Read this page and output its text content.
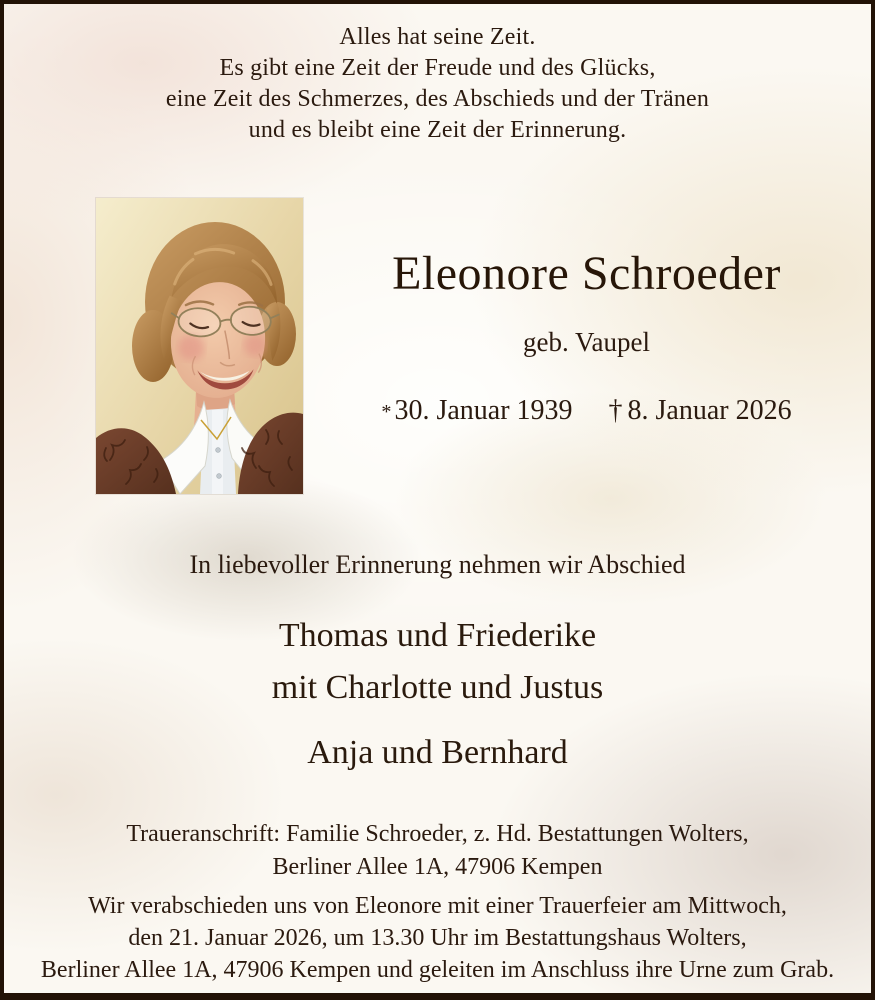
Alles hat seine Zeit.
Es gibt eine Zeit der Freude und des Glücks,
eine Zeit des Schmerzes, des Abschieds und der Tränen
und es bleibt eine Zeit der Erinnerung.
Eleonore Schroeder
geb. Vaupel
* 30. Januar 1939 † 8. Januar 2026
In liebevoller Erinnerung nehmen wir Abschied
Thomas und Friederike
mit Charlotte und Justus
Anja und Bernhard
Traueranschrift: Familie Schroeder, z. Hd. Bestattungen Wolters,
Berliner Allee 1A, 47906 Kempen
Wir verabschieden uns von Eleonore mit einer Trauerfeier am Mittwoch,
den 21. Januar 2026, um 13.30 Uhr im Bestattungshaus Wolters,
Berliner Allee 1A, 47906 Kempen und geleiten im Anschluss ihre Urne zum Grab.
